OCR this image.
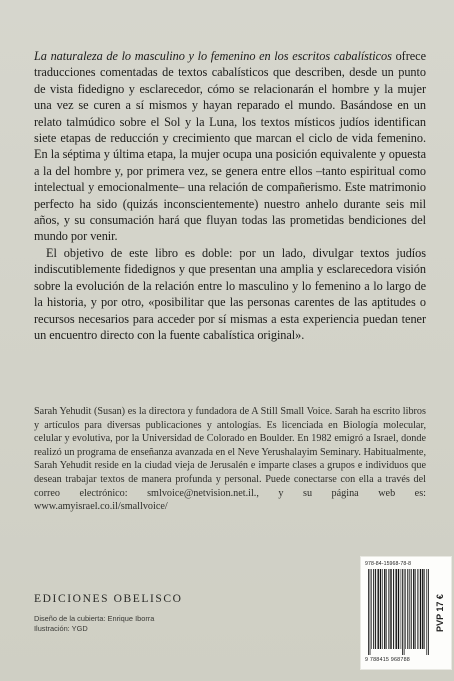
La naturaleza de lo masculino y lo femenino en los escritos cabalísticos ofrece traducciones comentadas de textos cabalísticos que describen, desde un punto de vista fidedigno y esclarecedor, cómo se relacionarán el hombre y la mujer una vez se curen a sí mismos y hayan reparado el mundo. Basándose en un relato talmúdico sobre el Sol y la Luna, los textos místicos judíos identifican siete etapas de reducción y crecimiento que marcan el ciclo de vida femenino. En la séptima y última etapa, la mujer ocupa una posición equivalente y opuesta a la del hombre y, por primera vez, se genera entre ellos –tanto espiritual como intelectual y emocionalmente– una relación de compañerismo. Este matrimonio perfecto ha sido (quizás inconscientemente) nuestro anhelo durante seis mil años, y su consumación hará que fluyan todas las prometidas bendiciones del mundo por venir.

El objetivo de este libro es doble: por un lado, divulgar textos judíos indiscutiblemente fidedignos y que presentan una amplia y esclarecedora visión sobre la evolución de la relación entre lo masculino y lo femenino a lo largo de la historia, y por otro, «posibilitar que las personas carentes de las aptitudes o recursos necesarios para acceder por sí mismas a esta experiencia puedan tener un encuentro directo con la fuente cabalística original».

Sarah Yehudit (Susan) es la directora y fundadora de A Still Small Voice. Sarah ha escrito libros y artículos para diversas publicaciones y antologías. Es licenciada en Biología molecular, celular y evolutiva, por la Universidad de Colorado en Boulder. En 1982 emigró a Israel, donde realizó un programa de enseñanza avanzada en el Neve Yerushalayim Seminary. Habitualmente, Sarah Yehudit reside en la ciudad vieja de Jerusalén e imparte clases a grupos e individuos que desean trabajar textos de manera profunda y personal. Puede conectarse con ella a través del correo electrónico: smlvoice@netvision.net.il., y su página web es: www.amyisrael.co.il/smallvoice/

EDICIONES OBELISCO
Diseño de la cubierta: Enrique Iborra
Ilustración: YGD
978-84-15968-78-8
9 788415 968788
PVP 17 €
